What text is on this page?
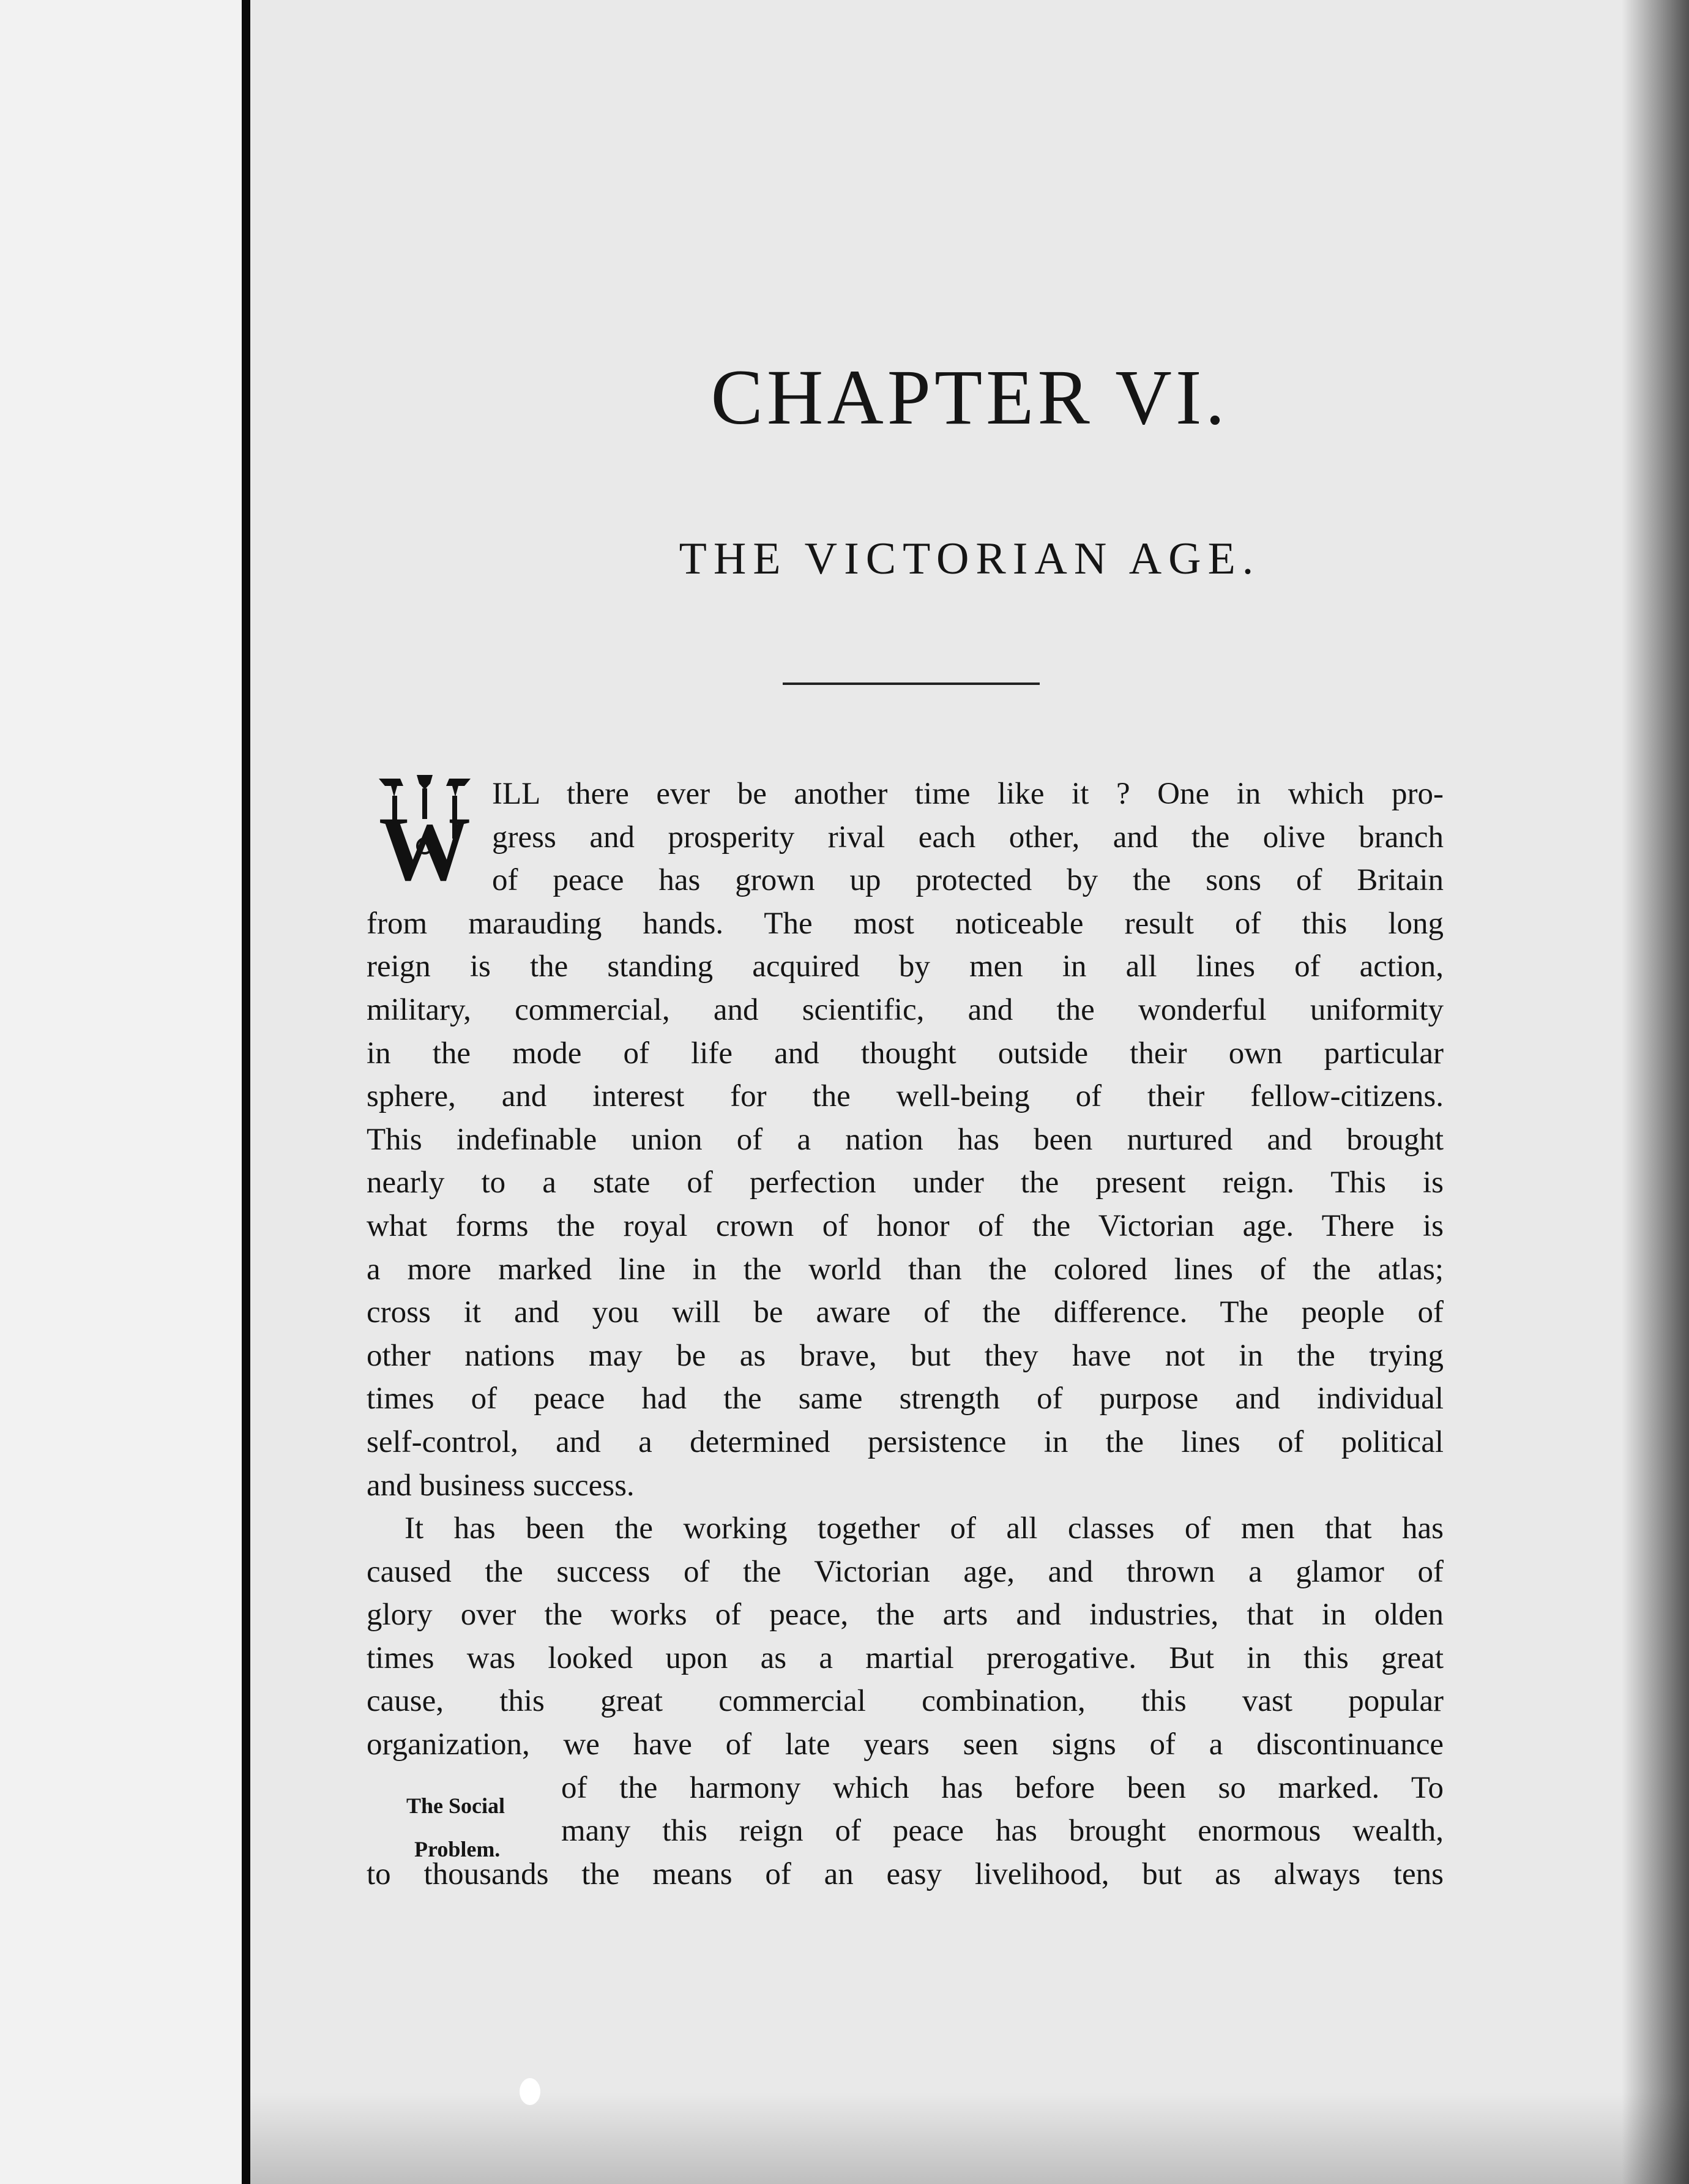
CHAPTER VI.
THE VICTORIAN AGE.
W
ILL there ever be another time like it ? One in which pro-
gress and prosperity rival each other, and the olive branch
of peace has grown up protected by the sons of Britain
from marauding hands. The most noticeable result of this long
reign is the standing acquired by men in all lines of action,
military, commercial, and scientific, and the wonderful uniformity
in the mode of life and thought outside their own particular
sphere, and interest for the well-being of their fellow-citizens.
This indefinable union of a nation has been nurtured and brought
nearly to a state of perfection under the present reign. This is
what forms the royal crown of honor of the Victorian age. There is
a more marked line in the world than the colored lines of the atlas;
cross it and you will be aware of the difference. The people of
other nations may be as brave, but they have not in the trying
times of peace had the same strength of purpose and individual
self-control, and a determined persistence in the lines of political
and business success.
It has been the working together of all classes of men that has
caused the success of the Victorian age, and thrown a glamor of
glory over the works of peace, the arts and industries, that in olden
times was looked upon as a martial prerogative. But in this great
cause, this great commercial combination, this vast popular
organization, we have of late years seen signs of a discontinuance
of the harmony which has before been so marked. To
many this reign of peace has brought enormous wealth,
to thousands the means of an easy livelihood, but as always tens
The Social
Problem.
